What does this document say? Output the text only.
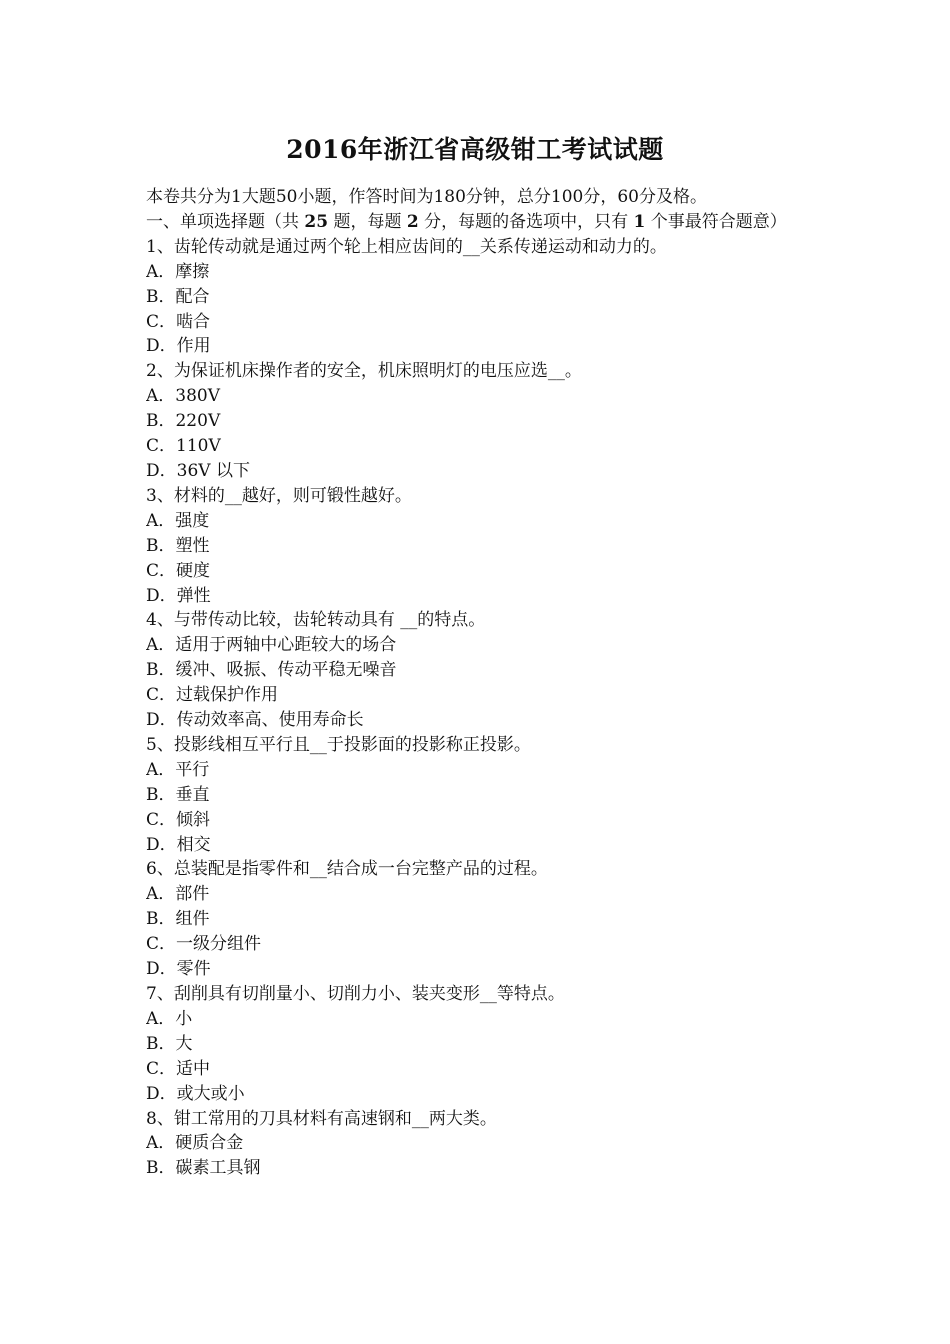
2016年浙江省高级钳工考试试题
本卷共分为1大题50小题，作答时间为180分钟，总分100分，60分及格。
一、单项选择题（共 25 题，每题 2 分，每题的备选项中，只有 1 个事最符合题意）
1、齿轮传动就是通过两个轮上相应齿间的__关系传递运动和动力的。
A．摩擦
B．配合
C．啮合
D．作用
2、为保证机床操作者的安全，机床照明灯的电压应选__。
A．380V
B．220V
C．110V
D．36V 以下
3、材料的__越好，则可锻性越好。
A．强度
B．塑性
C．硬度
D．弹性
4、与带传动比较，齿轮转动具有 __的特点。
A．适用于两轴中心距较大的场合
B．缓冲、吸振、传动平稳无噪音
C．过载保护作用
D．传动效率高、使用寿命长
5、投影线相互平行且__于投影面的投影称正投影。
A．平行
B．垂直
C．倾斜
D．相交
6、总装配是指零件和__结合成一台完整产品的过程。
A．部件
B．组件
C．一级分组件
D．零件
7、刮削具有切削量小、切削力小、装夹变形__等特点。
A．小
B．大
C．适中
D．或大或小
8、钳工常用的刀具材料有高速钢和__两大类。
A．硬质合金
B．碳素工具钢
